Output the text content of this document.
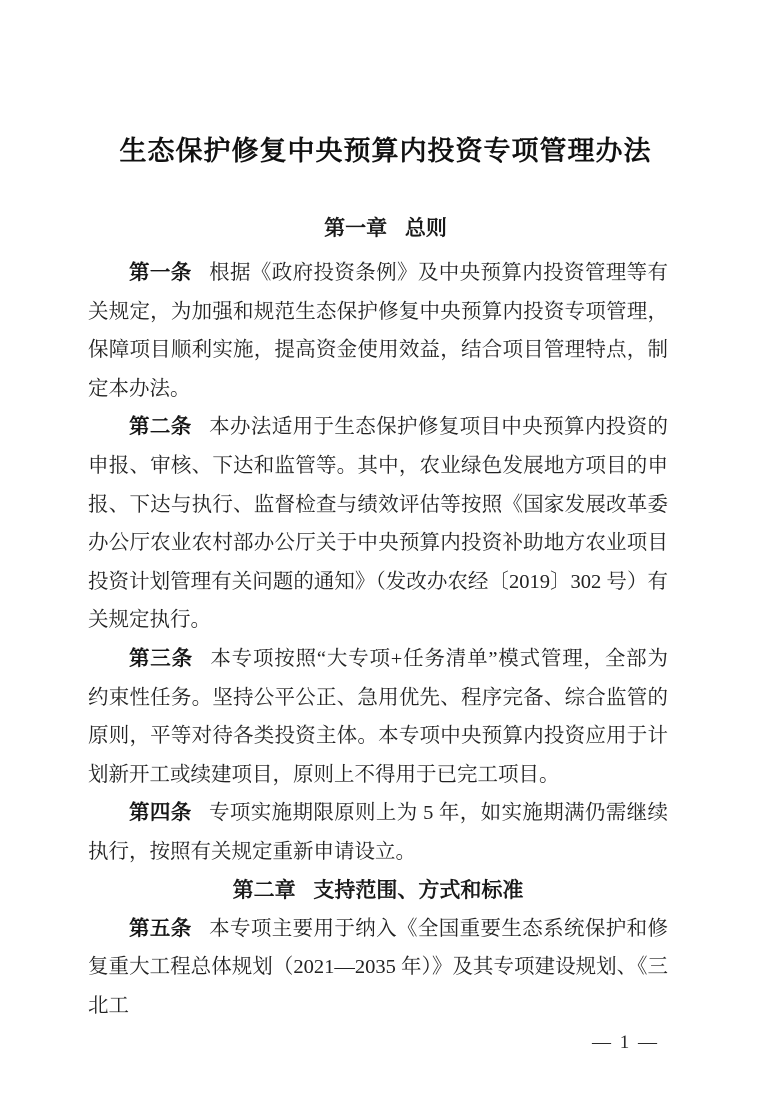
生态保护修复中央预算内投资专项管理办法
第一章 总则

第一条 根据《政府投资条例》及中央预算内投资管理等有关规定，为加强和规范生态保护修复中央预算内投资专项管理，保障项目顺利实施，提高资金使用效益，结合项目管理特点，制定本办法。

第二条 本办法适用于生态保护修复项目中央预算内投资的申报、审核、下达和监管等。其中，农业绿色发展地方项目的申报、下达与执行、监督检查与绩效评估等按照《国家发展改革委办公厅农业农村部办公厅关于中央预算内投资补助地方农业项目投资计划管理有关问题的通知》（发改办农经〔2019〕302 号）有关规定执行。

第三条 本专项按照“大专项+任务清单”模式管理，全部为约束性任务。坚持公平公正、急用优先、程序完备、综合监管的原则，平等对待各类投资主体。本专项中央预算内投资应用于计划新开工或续建项目，原则上不得用于已完工项目。

第四条 专项实施期限原则上为 5 年，如实施期满仍需继续执行，按照有关规定重新申请设立。

第二章 支持范围、方式和标准

第五条 本专项主要用于纳入《全国重要生态系统保护和修复重大工程总体规划（2021—2035 年）》及其专项建设规划、《三北工

— 1 —
